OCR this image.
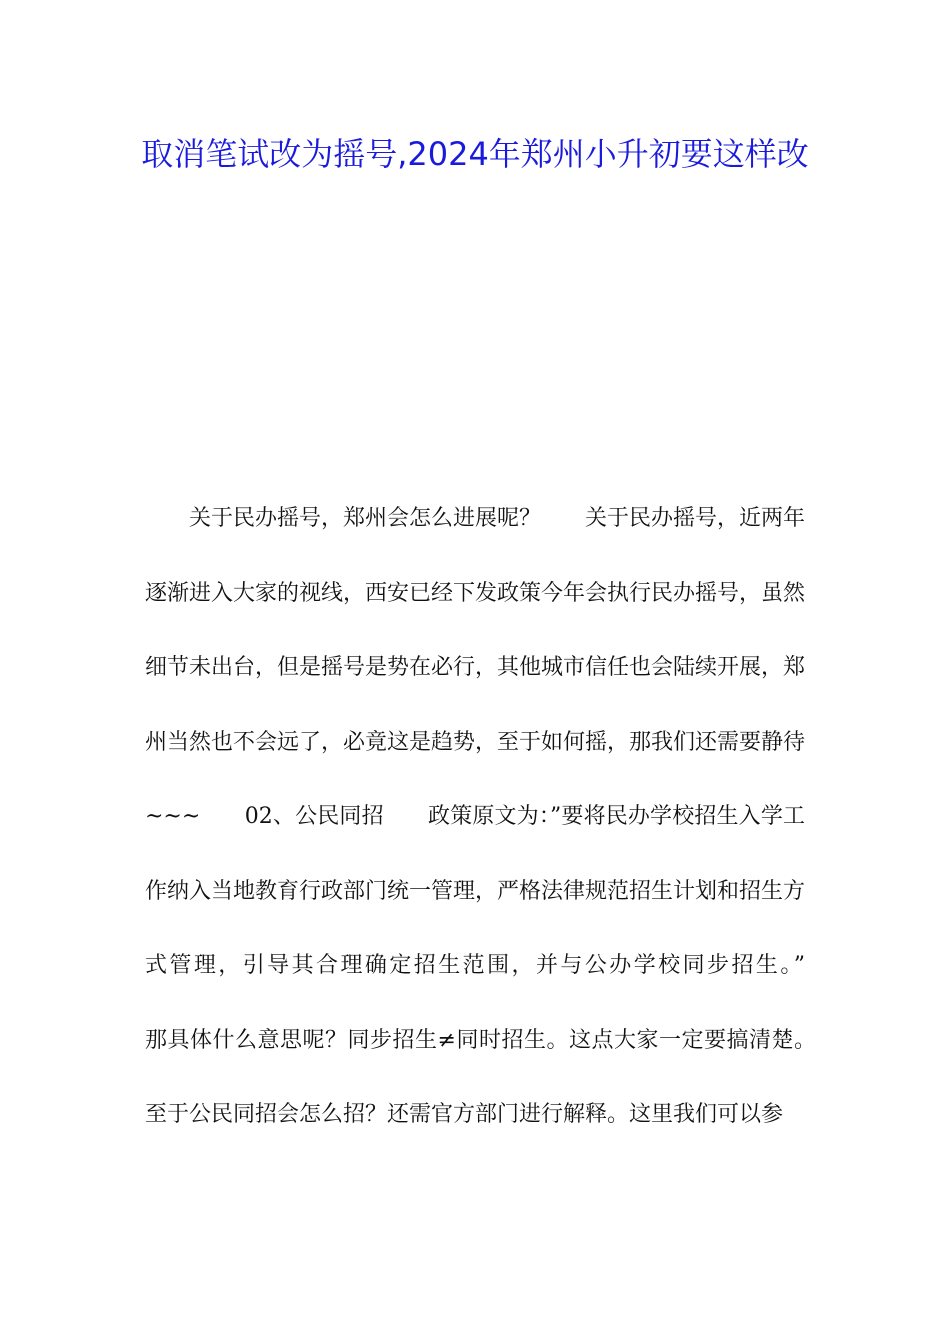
取消笔试改为摇号,2024年郑州小升初要这样改

关于民办摇号，郑州会怎么进展呢？　　关于民办摇号，近两年逐渐进入大家的视线，西安已经下发政策今年会执行民办摇号，虽然细节未出台，但是摇号是势在必行，其他城市信任也会陆续开展，郑州当然也不会远了，必竟这是趋势，至于如何摇，那我们还需要静待~~~　　02、公民同招　　政策原文为：”要将民办学校招生入学工作纳入当地教育行政部门统一管理，严格法律规范招生计划和招生方式管理，引导其合理确定招生范围，并与公办学校同步招生。”　　那具体什么意思呢？同步招生≠同时招生。这点大家一定要搞清楚。　　至于公民同招会怎么招？还需官方部门进行解释。这里我们可以参
